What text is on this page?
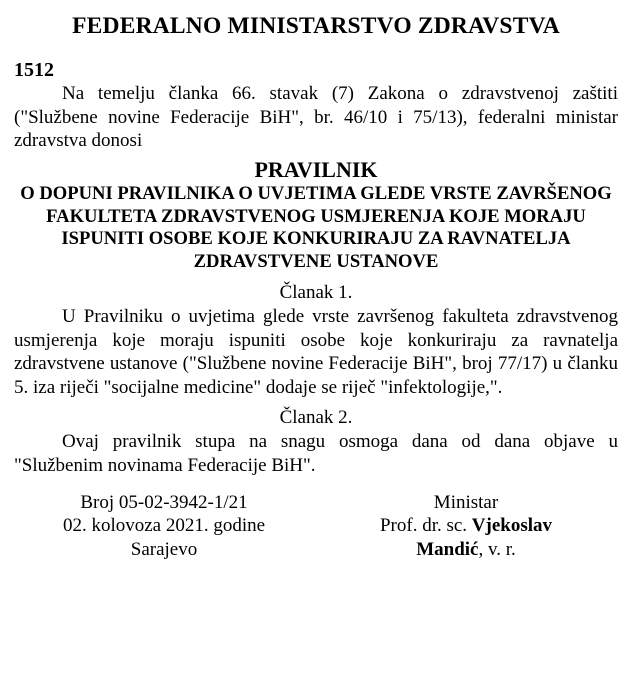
FEDERALNO MINISTARSTVO ZDRAVSTVA
1512

Na temelju članka 66. stavak (7) Zakona o zdravstvenoj zaštiti ("Službene novine Federacije BiH", br. 46/10 i 75/13), federalni ministar zdravstva donosi

PRAVILNIK
O DOPUNI PRAVILNIKA O UVJETIMA GLEDE VRSTE ZAVRŠENOG FAKULTETA ZDRAVSTVENOG USMJERENJA KOJE MORAJU ISPUNITI OSOBE KOJE KONKURIRAJU ZA RAVNATELJA ZDRAVSTVENE USTANOVE
Članak 1.

U Pravilniku o uvjetima glede vrste završenog fakulteta zdravstvenog usmjerenja koje moraju ispuniti osobe koje konkuriraju za ravnatelja zdravstvene ustanove ("Službene novine Federacije BiH", broj 77/17) u članku 5. iza riječi "socijalne medicine" dodaje se riječ "infektologije,".

Članak 2.

Ovaj pravilnik stupa na snagu osmoga dana od dana objave u "Službenim novinama Federacije BiH".

Broj 05-02-3942-1/21
02. kolovoza 2021. godine
Sarajevo
Ministar
Prof. dr. sc. Vjekoslav
Mandić, v. r.
